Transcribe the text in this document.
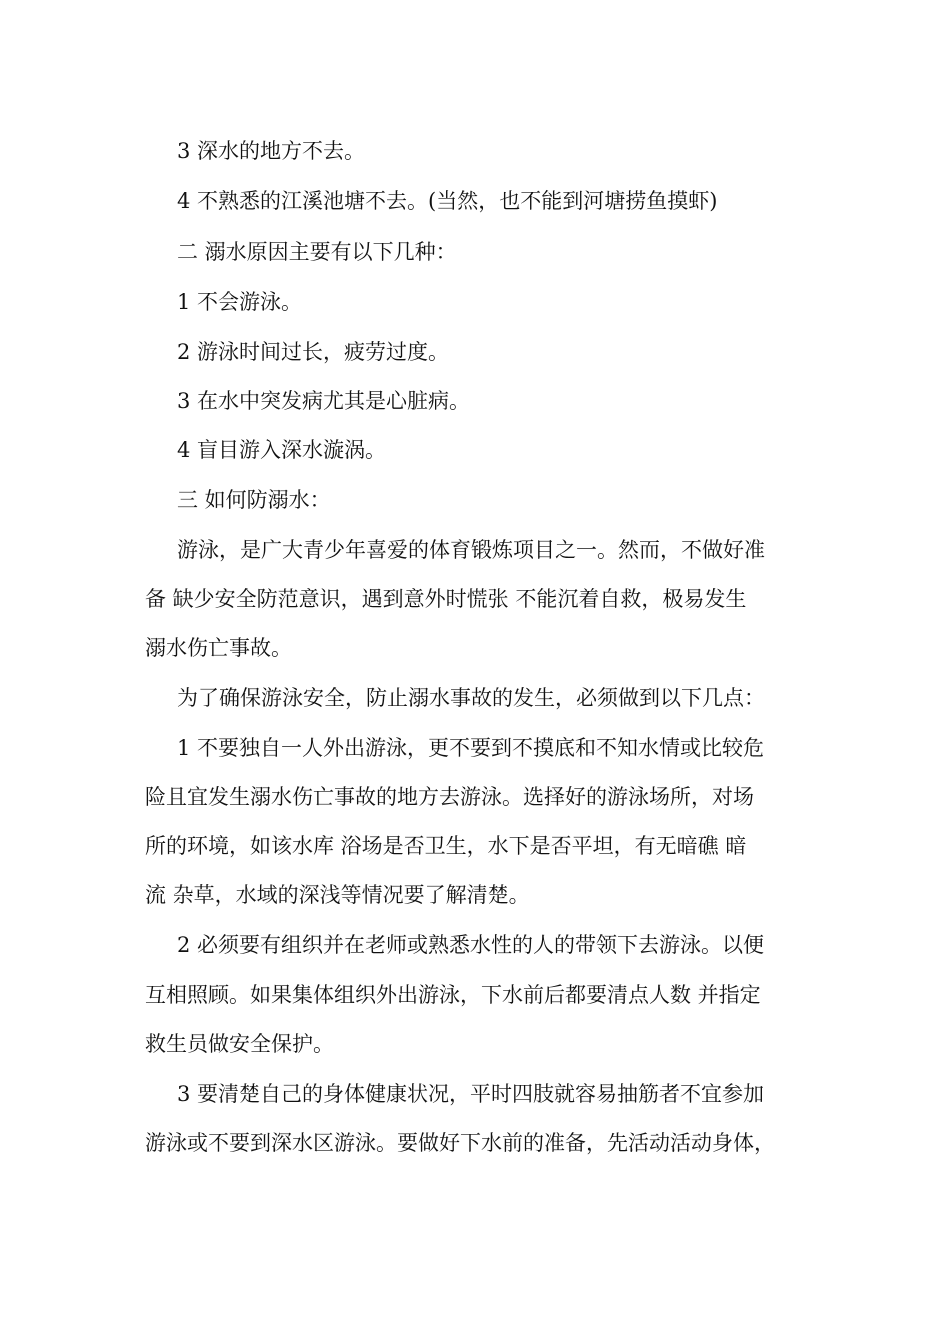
3 深水的地方不去。
4 不熟悉的江溪池塘不去。(当然，也不能到河塘捞鱼摸虾)
二 溺水原因主要有以下几种：
1 不会游泳。
2 游泳时间过长，疲劳过度。
3 在水中突发病尤其是心脏病。
4 盲目游入深水漩涡。
三 如何防溺水：
游泳，是广大青少年喜爱的体育锻炼项目之一。然而，不做好准
备 缺少安全防范意识，遇到意外时慌张 不能沉着自救，极易发生
溺水伤亡事故。
为了确保游泳安全，防止溺水事故的发生，必须做到以下几点：
1 不要独自一人外出游泳，更不要到不摸底和不知水情或比较危
险且宜发生溺水伤亡事故的地方去游泳。选择好的游泳场所，对场
所的环境，如该水库 浴场是否卫生，水下是否平坦，有无暗礁 暗
流 杂草，水域的深浅等情况要了解清楚。
2 必须要有组织并在老师或熟悉水性的人的带领下去游泳。以便
互相照顾。如果集体组织外出游泳，下水前后都要清点人数 并指定
救生员做安全保护。
3 要清楚自己的身体健康状况，平时四肢就容易抽筋者不宜参加
游泳或不要到深水区游泳。要做好下水前的准备，先活动活动身体，
